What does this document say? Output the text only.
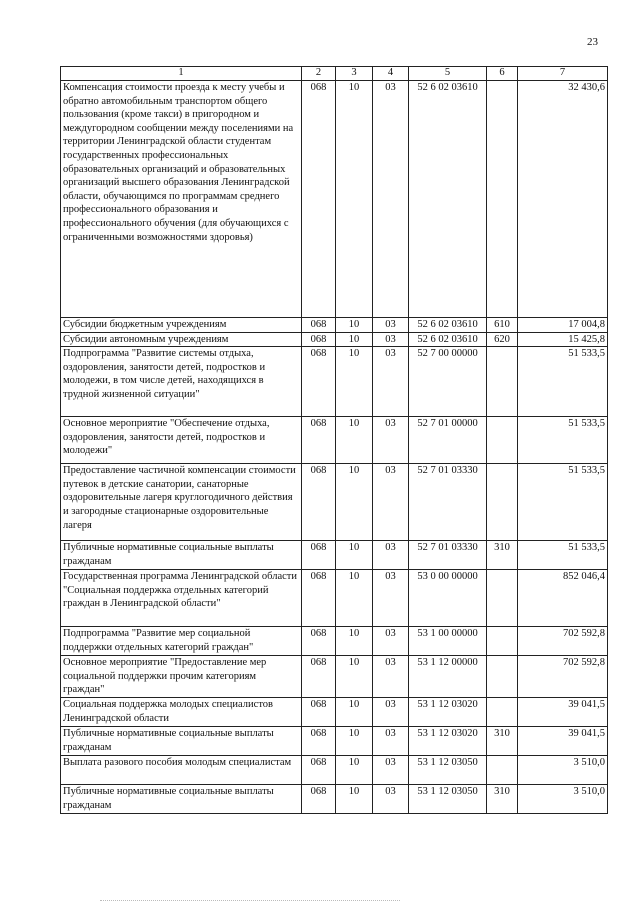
23
1	2	3	4	5	6	7
Компенсация стоимости проезда к месту учебы и обратно автомобильным транспортом общего пользования (кроме такси) в пригородном и междугородном сообщении между поселениями на территории Ленинградской области студентам государственных профессиональных образовательных организаций и образовательных организаций высшего образования Ленинградской области, обучающимся по программам среднего профессионального образования и профессионального обучения (для обучающихся с ограниченными возможностями здоровья)	068	10	03	52 6 02 03610		32 430,6
Субсидии бюджетным учреждениям	068	10	03	52 6 02 03610	610	17 004,8
Субсидии автономным учреждениям	068	10	03	52 6 02 03610	620	15 425,8
Подпрограмма "Развитие системы отдыха, оздоровления, занятости детей, подростков и молодежи, в том числе детей, находящихся в трудной жизненной ситуации"	068	10	03	52 7 00 00000		51 533,5
Основное мероприятие "Обеспечение отдыха, оздоровления, занятости детей, подростков и молодежи"	068	10	03	52 7 01 00000		51 533,5
Предоставление частичной компенсации стоимости путевок в детские санатории, санаторные оздоровительные лагеря круглогодичного действия и загородные стационарные оздоровительные лагеря	068	10	03	52 7 01 03330		51 533,5
Публичные нормативные социальные выплаты гражданам	068	10	03	52 7 01 03330	310	51 533,5
Государственная программа Ленинградской области "Социальная поддержка отдельных категорий граждан в Ленинградской области"	068	10	03	53 0 00 00000		852 046,4
Подпрограмма "Развитие мер социальной поддержки отдельных категорий граждан"	068	10	03	53 1 00 00000		702 592,8
Основное мероприятие "Предоставление мер социальной поддержки прочим категориям граждан"	068	10	03	53 1 12 00000		702 592,8
Социальная поддержка молодых специалистов Ленинградской области	068	10	03	53 1 12 03020		39 041,5
Публичные нормативные социальные выплаты гражданам	068	10	03	53 1 12 03020	310	39 041,5
Выплата разового пособия молодым специалистам	068	10	03	53 1 12 03050		3 510,0
Публичные нормативные социальные выплаты гражданам	068	10	03	53 1 12 03050	310	3 510,0
